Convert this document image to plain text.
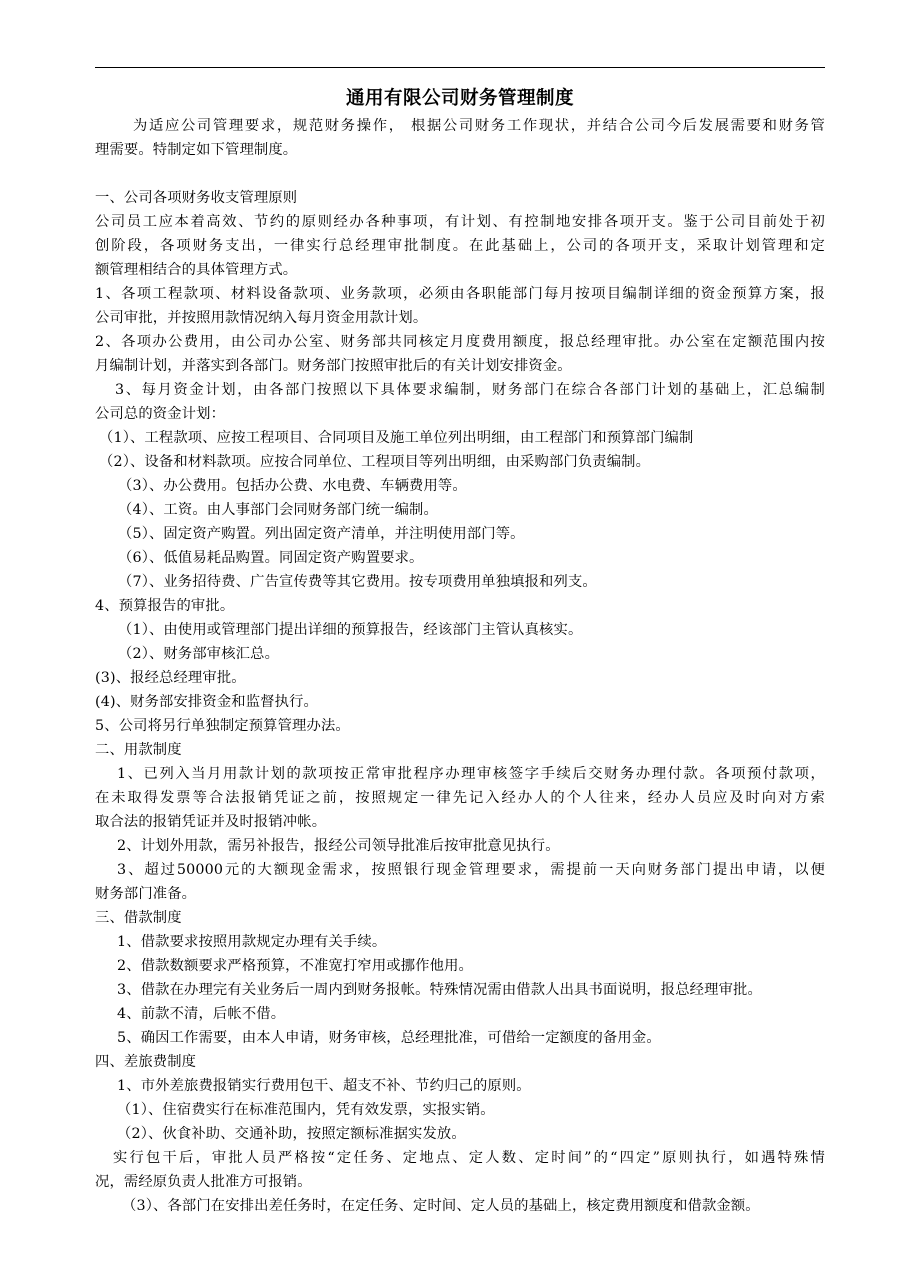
通用有限公司财务管理制度
为适应公司管理要求，规范财务操作， 根据公司财务工作现状，并结合公司今后发展需要和财务管
理需要。特制定如下管理制度。
一、公司各项财务收支管理原则
公司员工应本着高效、节约的原则经办各种事项，有计划、有控制地安排各项开支。鉴于公司目前处于初
创阶段，各项财务支出，一律实行总经理审批制度。在此基础上，公司的各项开支，采取计划管理和定
额管理相结合的具体管理方式。
1、各项工程款项、材料设备款项、业务款项，必须由各职能部门每月按项目编制详细的资金预算方案，报
公司审批，并按照用款情况纳入每月资金用款计划。
2、各项办公费用，由公司办公室、财务部共同核定月度费用额度，报总经理审批。办公室在定额范围内按
月编制计划，并落实到各部门。财务部门按照审批后的有关计划安排资金。
3、每月资金计划，由各部门按照以下具体要求编制，财务部门在综合各部门计划的基础上，汇总编制
公司总的资金计划：
（1）、工程款项、应按工程项目、合同项目及施工单位列出明细，由工程部门和预算部门编制
（2）、设备和材料款项。应按合同单位、工程项目等列出明细，由采购部门负责编制。
（3）、办公费用。包括办公费、水电费、车辆费用等。
（4）、工资。由人事部门会同财务部门统一编制。
（5）、固定资产购置。列出固定资产清单，并注明使用部门等。
（6）、低值易耗品购置。同固定资产购置要求。
（7）、业务招待费、广告宣传费等其它费用。按专项费用单独填报和列支。
4、预算报告的审批。
（1）、由使用或管理部门提出详细的预算报告，经该部门主管认真核实。
（2）、财务部审核汇总。
(3)、报经总经理审批。
(4)、财务部安排资金和监督执行。
5、公司将另行单独制定预算管理办法。
二、用款制度
1、已列入当月用款计划的款项按正常审批程序办理审核签字手续后交财务办理付款。各项预付款项，
在未取得发票等合法报销凭证之前，按照规定一律先记入经办人的个人往来，经办人员应及时向对方索
取合法的报销凭证并及时报销冲帐。
2、计划外用款，需另补报告，报经公司领导批准后按审批意见执行。
3、超过50000元的大额现金需求，按照银行现金管理要求，需提前一天向财务部门提出申请，以便
财务部门准备。
三、借款制度
1、借款要求按照用款规定办理有关手续。
2、借款数额要求严格预算，不准宽打窄用或挪作他用。
3、借款在办理完有关业务后一周内到财务报帐。特殊情况需由借款人出具书面说明，报总经理审批。
4、前款不清，后帐不借。
5、确因工作需要，由本人申请，财务审核，总经理批准，可借给一定额度的备用金。
四、差旅费制度
1、市外差旅费报销实行费用包干、超支不补、节约归己的原则。
（1）、住宿费实行在标准范围内，凭有效发票，实报实销。
（2）、伙食补助、交通补助，按照定额标准据实发放。
实行包干后，审批人员严格按“定任务、定地点、定人数、定时间”的“四定”原则执行，如遇特殊情
况，需经原负责人批准方可报销。
（3）、各部门在安排出差任务时，在定任务、定时间、定人员的基础上，核定费用额度和借款金额。
